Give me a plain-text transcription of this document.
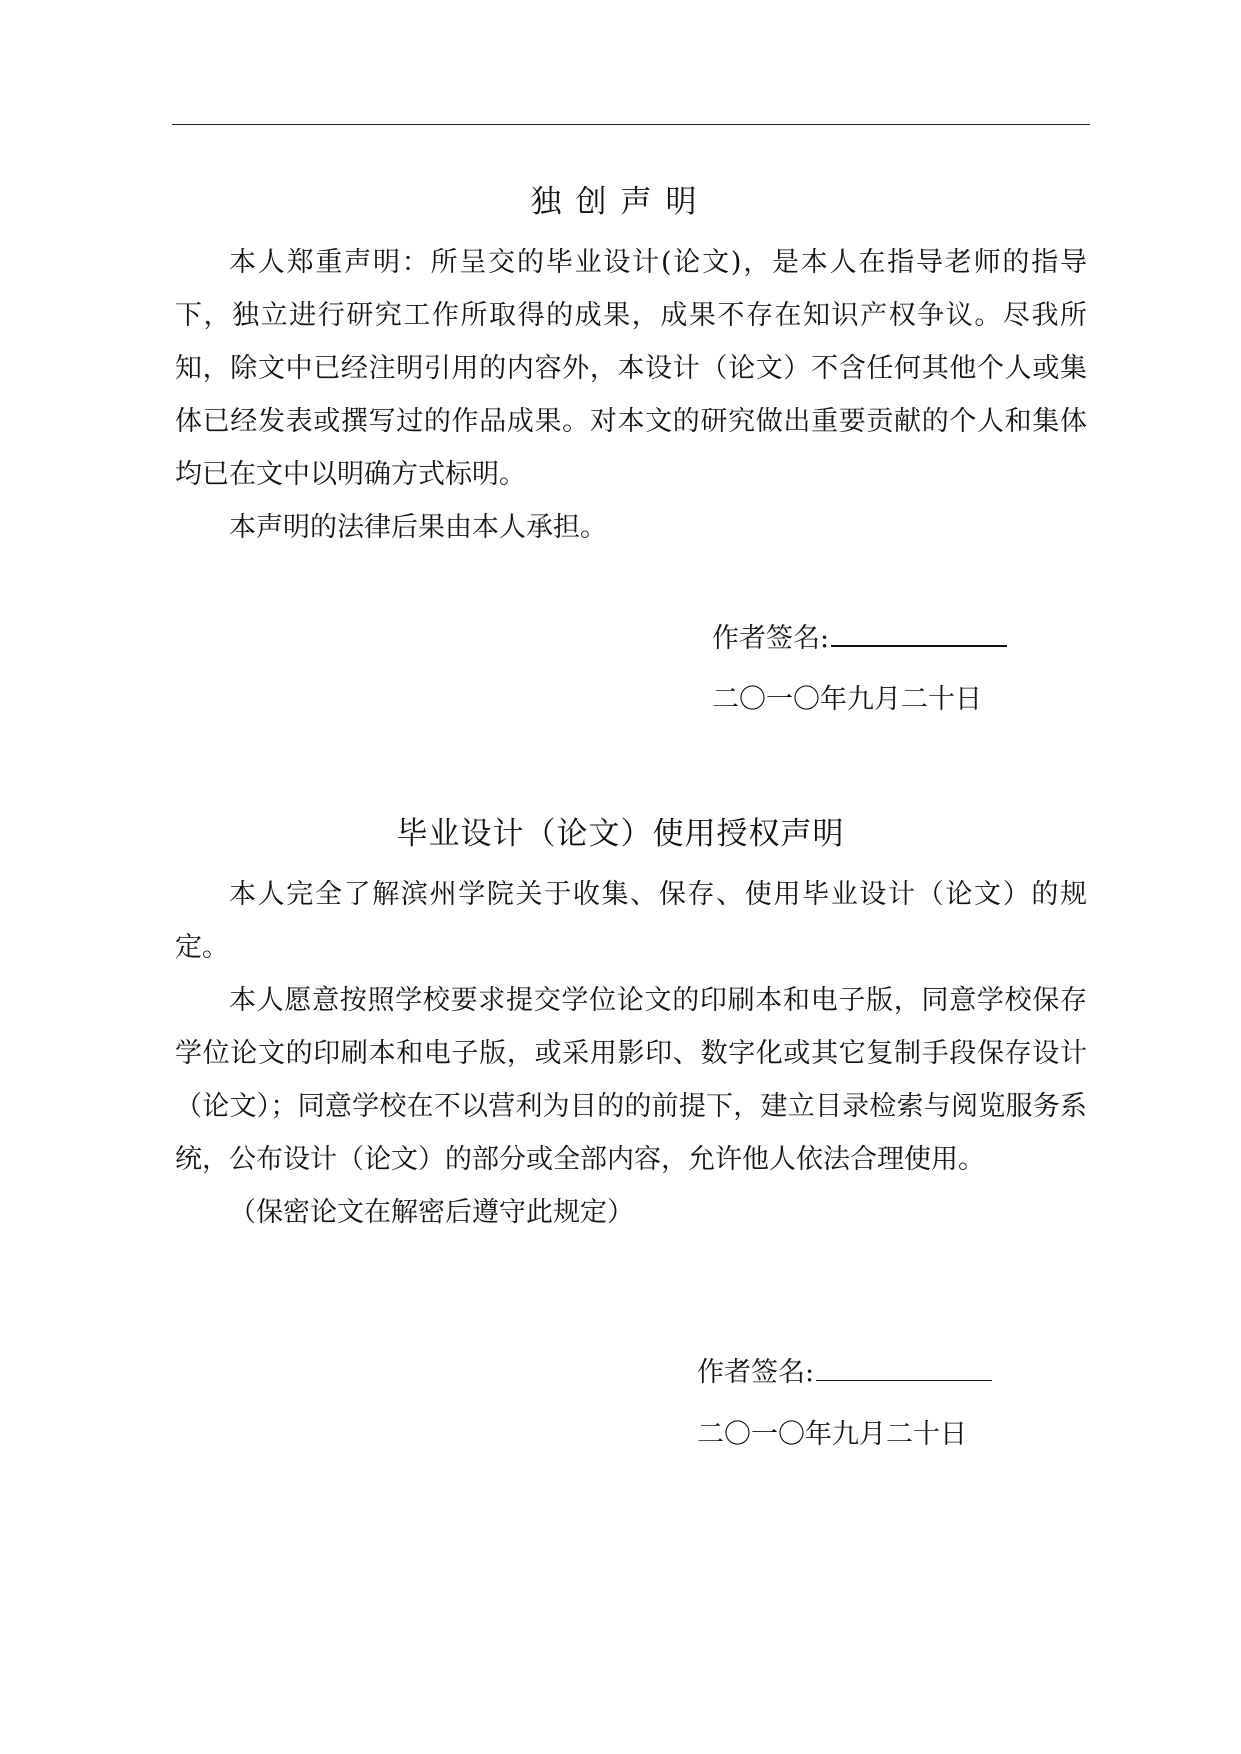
独创声明

本人郑重声明：所呈交的毕业设计(论文)，是本人在指导老师的指导下，独立进行研究工作所取得的成果，成果不存在知识产权争议。尽我所知，除文中已经注明引用的内容外，本设计（论文）不含任何其他个人或集体已经发表或撰写过的作品成果。对本文的研究做出重要贡献的个人和集体均已在文中以明确方式标明。

本声明的法律后果由本人承担。

作者签名:
二〇一〇年九月二十日
毕业设计（论文）使用授权声明

本人完全了解滨州学院关于收集、保存、使用毕业设计（论文）的规定。

本人愿意按照学校要求提交学位论文的印刷本和电子版，同意学校保存学位论文的印刷本和电子版，或采用影印、数字化或其它复制手段保存设计（论文）；同意学校在不以营利为目的的前提下，建立目录检索与阅览服务系统，公布设计（论文）的部分或全部内容，允许他人依法合理使用。

（保密论文在解密后遵守此规定）

作者签名:
二〇一〇年九月二十日
